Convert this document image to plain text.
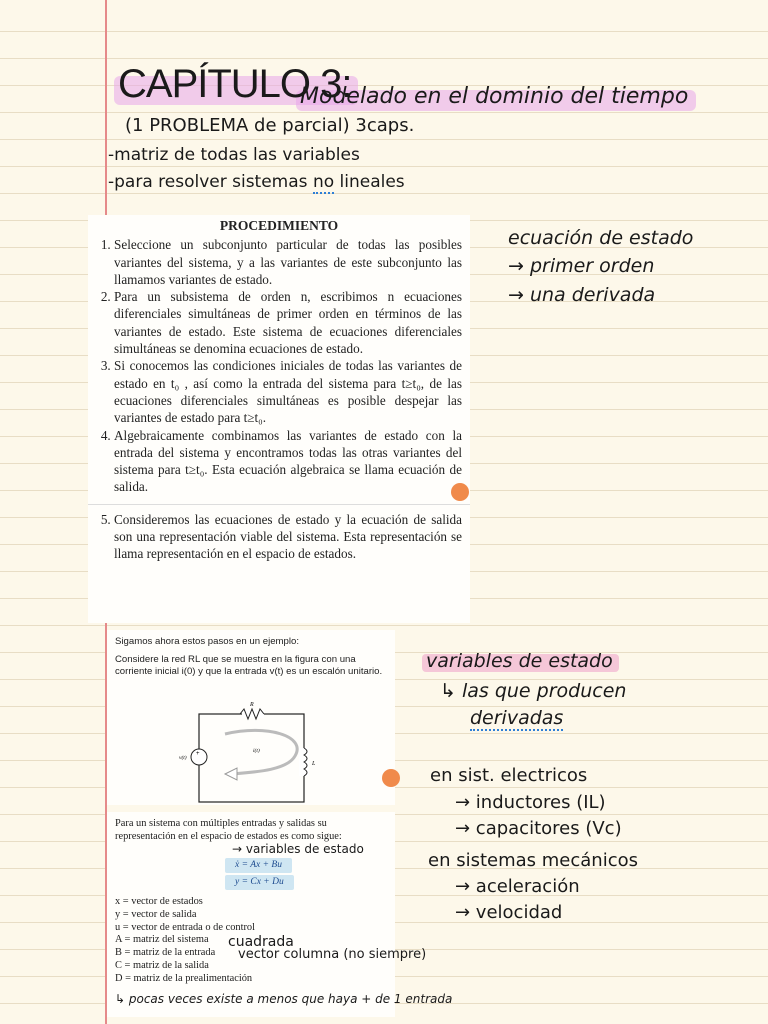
CAPÍTULO 3:
Modelado en el dominio del tiempo
(1 PROBLEMA de parcial) 3caps.
-matriz de todas las variables
-para resolver sistemas no lineales
PROCEDIMIENTO
1. Seleccione un subconjunto particular de todas las posibles variantes del sistema, y a las variantes de este subconjunto las llamamos variantes de estado.
2. Para un subsistema de orden n, escribimos n ecuaciones diferenciales simultáneas de primer orden en términos de las variantes de estado. Este sistema de ecuaciones diferenciales simultáneas se denomina ecuaciones de estado.
3. Si conocemos las condiciones iniciales de todas las variantes de estado en t₀ , así como la entrada del sistema para t≥t₀, de las ecuaciones diferenciales simultáneas es posible despejar las variantes de estado para t≥t₀.
4. Algebraicamente combinamos las variantes de estado con la entrada del sistema y encontramos todas las otras variantes del sistema para t≥t₀. Esta ecuación algebraica se llama ecuación de salida.
5. Consideremos las ecuaciones de estado y la ecuación de salida son una representación viable del sistema. Esta representación se llama representación en el espacio de estados.
ecuación de estado
→ primer orden
→ una derivada
variables de estado
↳ las que producen
derivadas
en sist. electricos
→ inductores (IL)
→ capacitores (Vc)
en sistemas mecánicos
→ aceleración
→ velocidad

Sigamos ahora estos pasos en un ejemplo:

Considere la red RL que se muestra en la figura con una corriente inicial i(0) y que la entrada v(t) es un escalón unitario.

R
L
+
v(t)
i(t)

Para un sistema con múltiples entradas y salidas su representación en el espacio de estados es como sigue:

ẋ = Ax + Bu
y = Cx + Du
x = vector de estados
y = vector de salida
u = vector de entrada o de control
A = matriz del sistema
B = matriz de la entrada
C = matriz de la salida
D = matriz de la prealimentación
→ variables de estado
cuadrada
vector columna (no siempre)
↳ pocas veces existe a menos que haya + de 1 entrada
